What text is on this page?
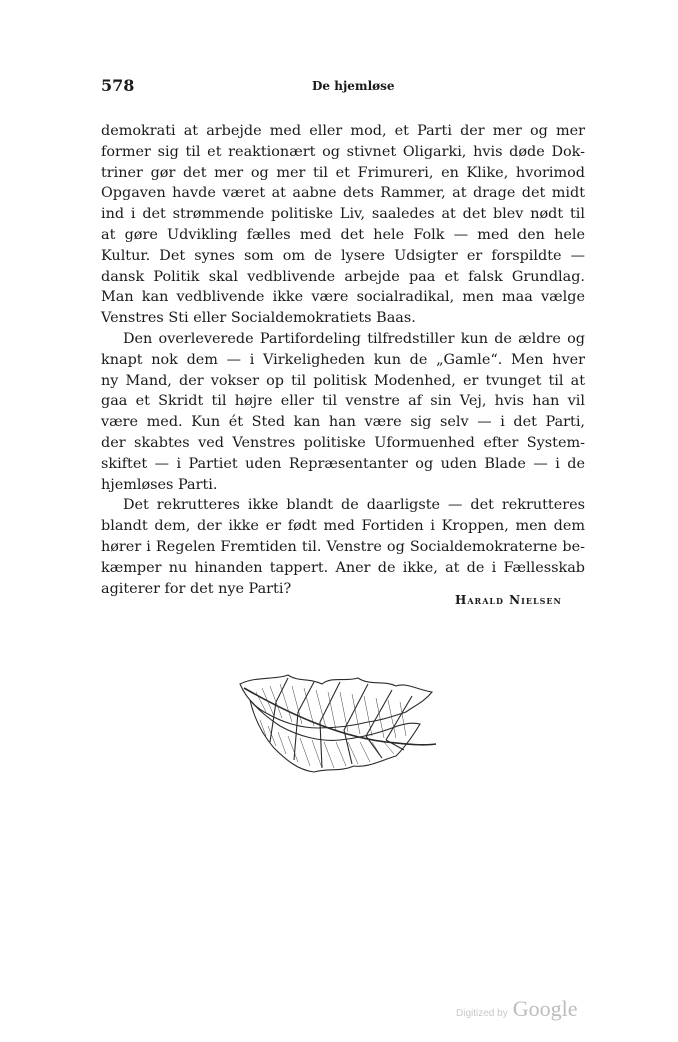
578	De hjemløse
demokrati at arbejde med eller mod, et Parti der mer og mer
former sig til et reaktionært og stivnet Oligarki, hvis døde Dok-
triner gør det mer og mer til et Frimureri, en Klike, hvorimod
Opgaven havde været at aabne dets Rammer, at drage det midt
ind i det strømmende politiske Liv, saaledes at det blev nødt til
at gøre Udvikling fælles med det hele Folk — med den hele
Kultur. Det synes som om de lysere Udsigter er forspildte —
dansk Politik skal vedblivende arbejde paa et falsk Grundlag.
Man kan vedblivende ikke være socialradikal, men maa vælge
Venstres Sti eller Socialdemokratiets Baas.
Den overleverede Partifordeling tilfredstiller kun de ældre og
knapt nok dem — i Virkeligheden kun de „Gamle“. Men hver
ny Mand, der vokser op til politisk Modenhed, er tvunget til at
gaa et Skridt til højre eller til venstre af sin Vej, hvis han vil
være med. Kun ét Sted kan han være sig selv — i det Parti,
der skabtes ved Venstres politiske Uformuenhed efter System-
skiftet — i Partiet uden Repræsentanter og uden Blade — i de
hjemløses Parti.
Det rekrutteres ikke blandt de daarligste — det rekrutteres
blandt dem, der ikke er født med Fortiden i Kroppen, men dem
hører i Regelen Fremtiden til. Venstre og Socialdemokraterne be-
kæmper nu hinanden tappert. Aner de ikke, at de i Fællesskab
agiterer for det nye Parti?
Harald Nielsen
Digitized by Google
